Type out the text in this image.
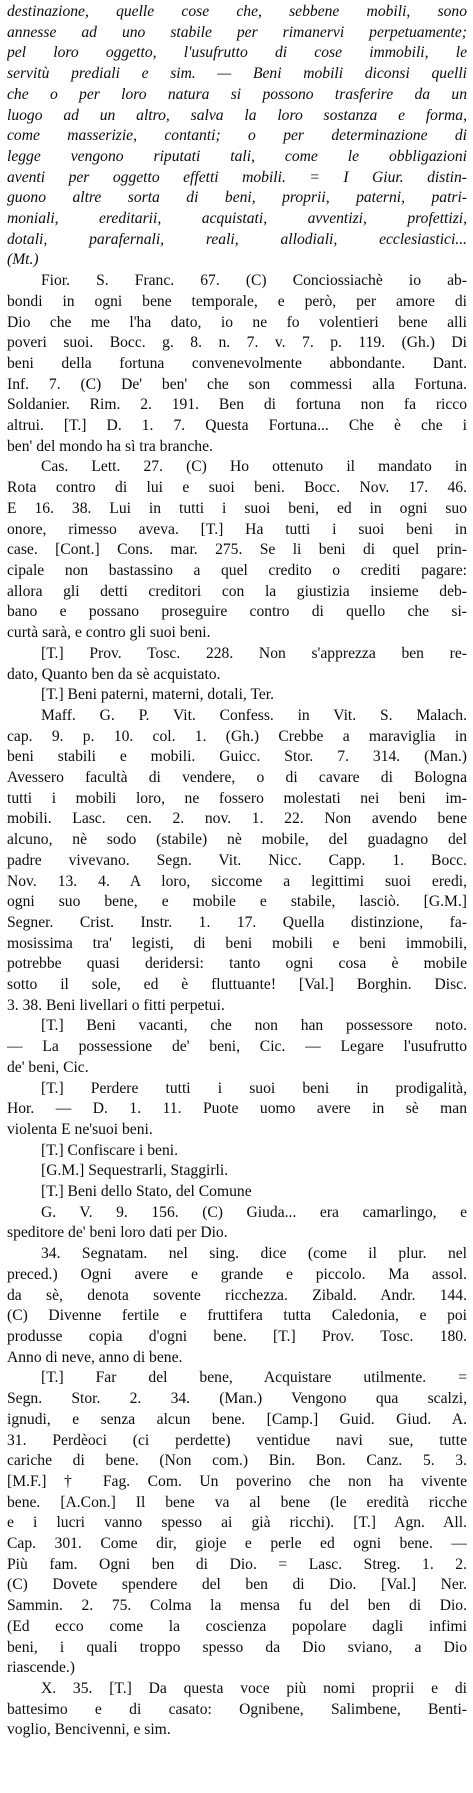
destinazione, quelle cose che, sebbene mobili, sono
annesse ad uno stabile per rimanervi perpetuamente;
pel loro oggetto, l'usufrutto di cose immobili, le
servitù prediali e sim. — Beni mobili diconsi quelli
che o per loro natura si possono trasferire da un
luogo ad un altro, salva la loro sostanza e forma,
come masserizie, contanti; o per determinazione di
legge vengono riputati tali, come le obbligazioni
aventi per oggetto effetti mobili. = I Giur. distin-
guono altre sorta di beni, proprii, paterni, patri-
moniali, ereditarii, acquistati, avventizi, profettizi,
dotali, parafernali, reali, allodiali, ecclesiastici...
(Mt.)
Fior. S. Franc. 67. (C) Conciossiachè io ab-
bondi in ogni bene temporale, e però, per amore di
Dio che me l'ha dato, io ne fo volentieri bene alli
poveri suoi. Bocc. g. 8. n. 7. v. 7. p. 119. (Gh.) Di
beni della fortuna convenevolmente abbondante. Dant.
Inf. 7. (C) De' ben' che son commessi alla Fortuna.
Soldanier. Rim. 2. 191. Ben di fortuna non fa ricco
altrui. [T.] D. 1. 7. Questa Fortuna... Che è che i
ben' del mondo ha sì tra branche.
Cas. Lett. 27. (C) Ho ottenuto il mandato in
Rota contro di lui e suoi beni. Bocc. Nov. 17. 46.
E 16. 38. Lui in tutti i suoi beni, ed in ogni suo
onore, rimesso aveva. [T.] Ha tutti i suoi beni in
case. [Cont.] Cons. mar. 275. Se li beni di quel prin-
cipale non bastassino a quel credito o crediti pagare:
allora gli detti creditori con la giustizia insieme deb-
bano e possano proseguire contro di quello che si-
curtà sarà, e contro gli suoi beni.
[T.] Prov. Tosc. 228. Non s'apprezza ben re-
dato, Quanto ben da sè acquistato.
[T.] Beni paterni, materni, dotali, Ter.
Maff. G. P. Vit. Confess. in Vit. S. Malach.
cap. 9. p. 10. col. 1. (Gh.) Crebbe a maraviglia in
beni stabili e mobili. Guicc. Stor. 7. 314. (Man.)
Avessero facultà di vendere, o di cavare di Bologna
tutti i mobili loro, ne fossero molestati nei beni im-
mobili. Lasc. cen. 2. nov. 1. 22. Non avendo bene
alcuno, nè sodo (stabile) nè mobile, del guadagno del
padre vivevano. Segn. Vit. Nicc. Capp. 1. Bocc.
Nov. 13. 4. A loro, siccome a legittimi suoi eredi,
ogni suo bene, e mobile e stabile, lasciò. [G.M.]
Segner. Crist. Instr. 1. 17. Quella distinzione, fa-
mosissima tra' legisti, di beni mobili e beni immobili,
potrebbe quasi deridersi: tanto ogni cosa è mobile
sotto il sole, ed è fluttuante! [Val.] Borghin. Disc.
3. 38. Beni livellari o fitti perpetui.
[T.] Beni vacanti, che non han possessore noto.
— La possessione de' beni, Cic. — Legare l'usufrutto
de' beni, Cic.
[T.] Perdere tutti i suoi beni in prodigalità,
Hor. — D. 1. 11. Puote uomo avere in sè man
violenta E ne'suoi beni.
[T.] Confiscare i beni.
[G.M.] Sequestrarli, Staggirli.
[T.] Beni dello Stato, del Comune
G. V. 9. 156. (C) Giuda... era camarlingo, e
speditore de' beni loro dati per Dio.
34. Segnatam. nel sing. dice (come il plur. nel
preced.) Ogni avere e grande e piccolo. Ma assol.
da sè, denota sovente ricchezza. Zibald. Andr. 144.
(C) Divenne fertile e fruttifera tutta Caledonia, e poi
produsse copia d'ogni bene. [T.] Prov. Tosc. 180.
Anno di neve, anno di bene.
[T.] Far del bene, Acquistare utilmente. =
Segn. Stor. 2. 34. (Man.) Vengono qua scalzi,
ignudi, e senza alcun bene. [Camp.] Guid. Giud. A.
31. Perdèoci (ci perdette) ventidue navi sue, tutte
cariche di bene. (Non com.) Bin. Bon. Canz. 5. 3.
[M.F.] † Fag. Com. Un poverino che non ha vivente
bene. [A.Con.] Il bene va al bene (le eredità ricche
e i lucri vanno spesso ai già ricchi). [T.] Agn. All.
Cap. 301. Come dir, gioje e perle ed ogni bene. —
Più fam. Ogni ben di Dio. = Lasc. Streg. 1. 2.
(C) Dovete spendere del ben di Dio. [Val.] Ner.
Sammin. 2. 75. Colma la mensa fu del ben di Dio.
(Ed ecco come la coscienza popolare dagli infimi
beni, i quali troppo spesso da Dio sviano, a Dio
riascende.)
X. 35. [T.] Da questa voce più nomi proprii e di
battesimo e di casato: Ognibene, Salimbene, Benti-
voglio, Bencivenni, e sim.
